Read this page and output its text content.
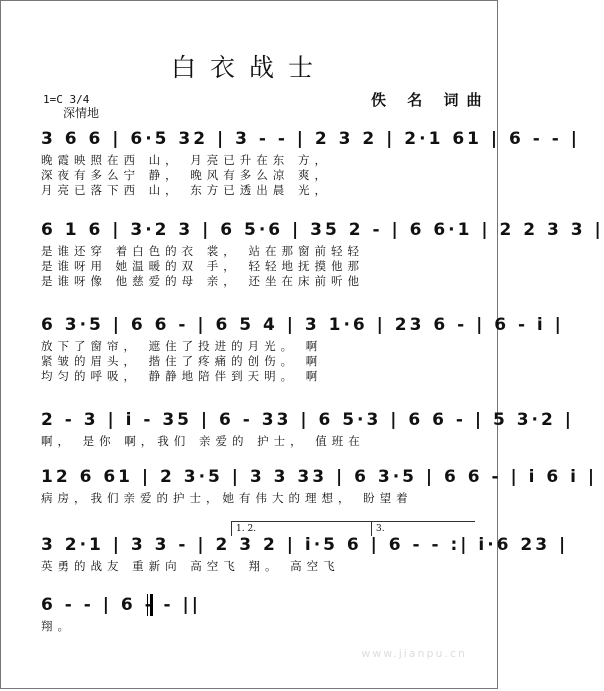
白衣战士
1=C 3/4
深情地
佚 名 词曲
3 6 6 | 6·5 32 | 3 - - | 2 3 2 | 2·1 61 | 6 - - |
晚霞映照在西 山， 月亮已升在东 方，
深夜有多么宁 静， 晚风有多么凉 爽，
月亮已落下西 山， 东方已透出晨 光，
6 1 6 | 3·2 3 | 6 5·6 | 35 2 - | 6 6·1 | 2 2 3 3 |
是谁还穿 着白色的衣 裳， 站在那窗前轻轻
是谁呀用 她温暖的双 手， 轻轻地抚摸他那
是谁呀像 他慈爱的母 亲， 还坐在床前听他
6 3·5 | 6 6 - | 6 5 4 | 3 1·6 | 23 6 - | 6 - i |
放下了窗帘， 遮住了投进的月光。 啊
紧皱的眉头， 揩住了疼痛的创伤。 啊
均匀的呼吸， 静静地陪伴到天明。 啊
2 - 3 | i - 35 | 6 - 33 | 6 5·3 | 6 6 - | 5 3·2 |
啊， 是你 啊，我们 亲爱的 护士， 值班在
12 6 61 | 2 3·5 | 3 3 33 | 6 3·5 | 6 6 - | i 6 i |
病房，我们亲爱的护士，她有伟大的理想， 盼望着
1. 2.	3.
3 2·1 | 3 3 - | 2 3 2 | i·5 6 | 6 - - :| i·6 23 |
英勇的战友 重新向 高空飞 翔。 高空飞
6 - - | 6 - - ||
翔。
www.jianpu.cn
